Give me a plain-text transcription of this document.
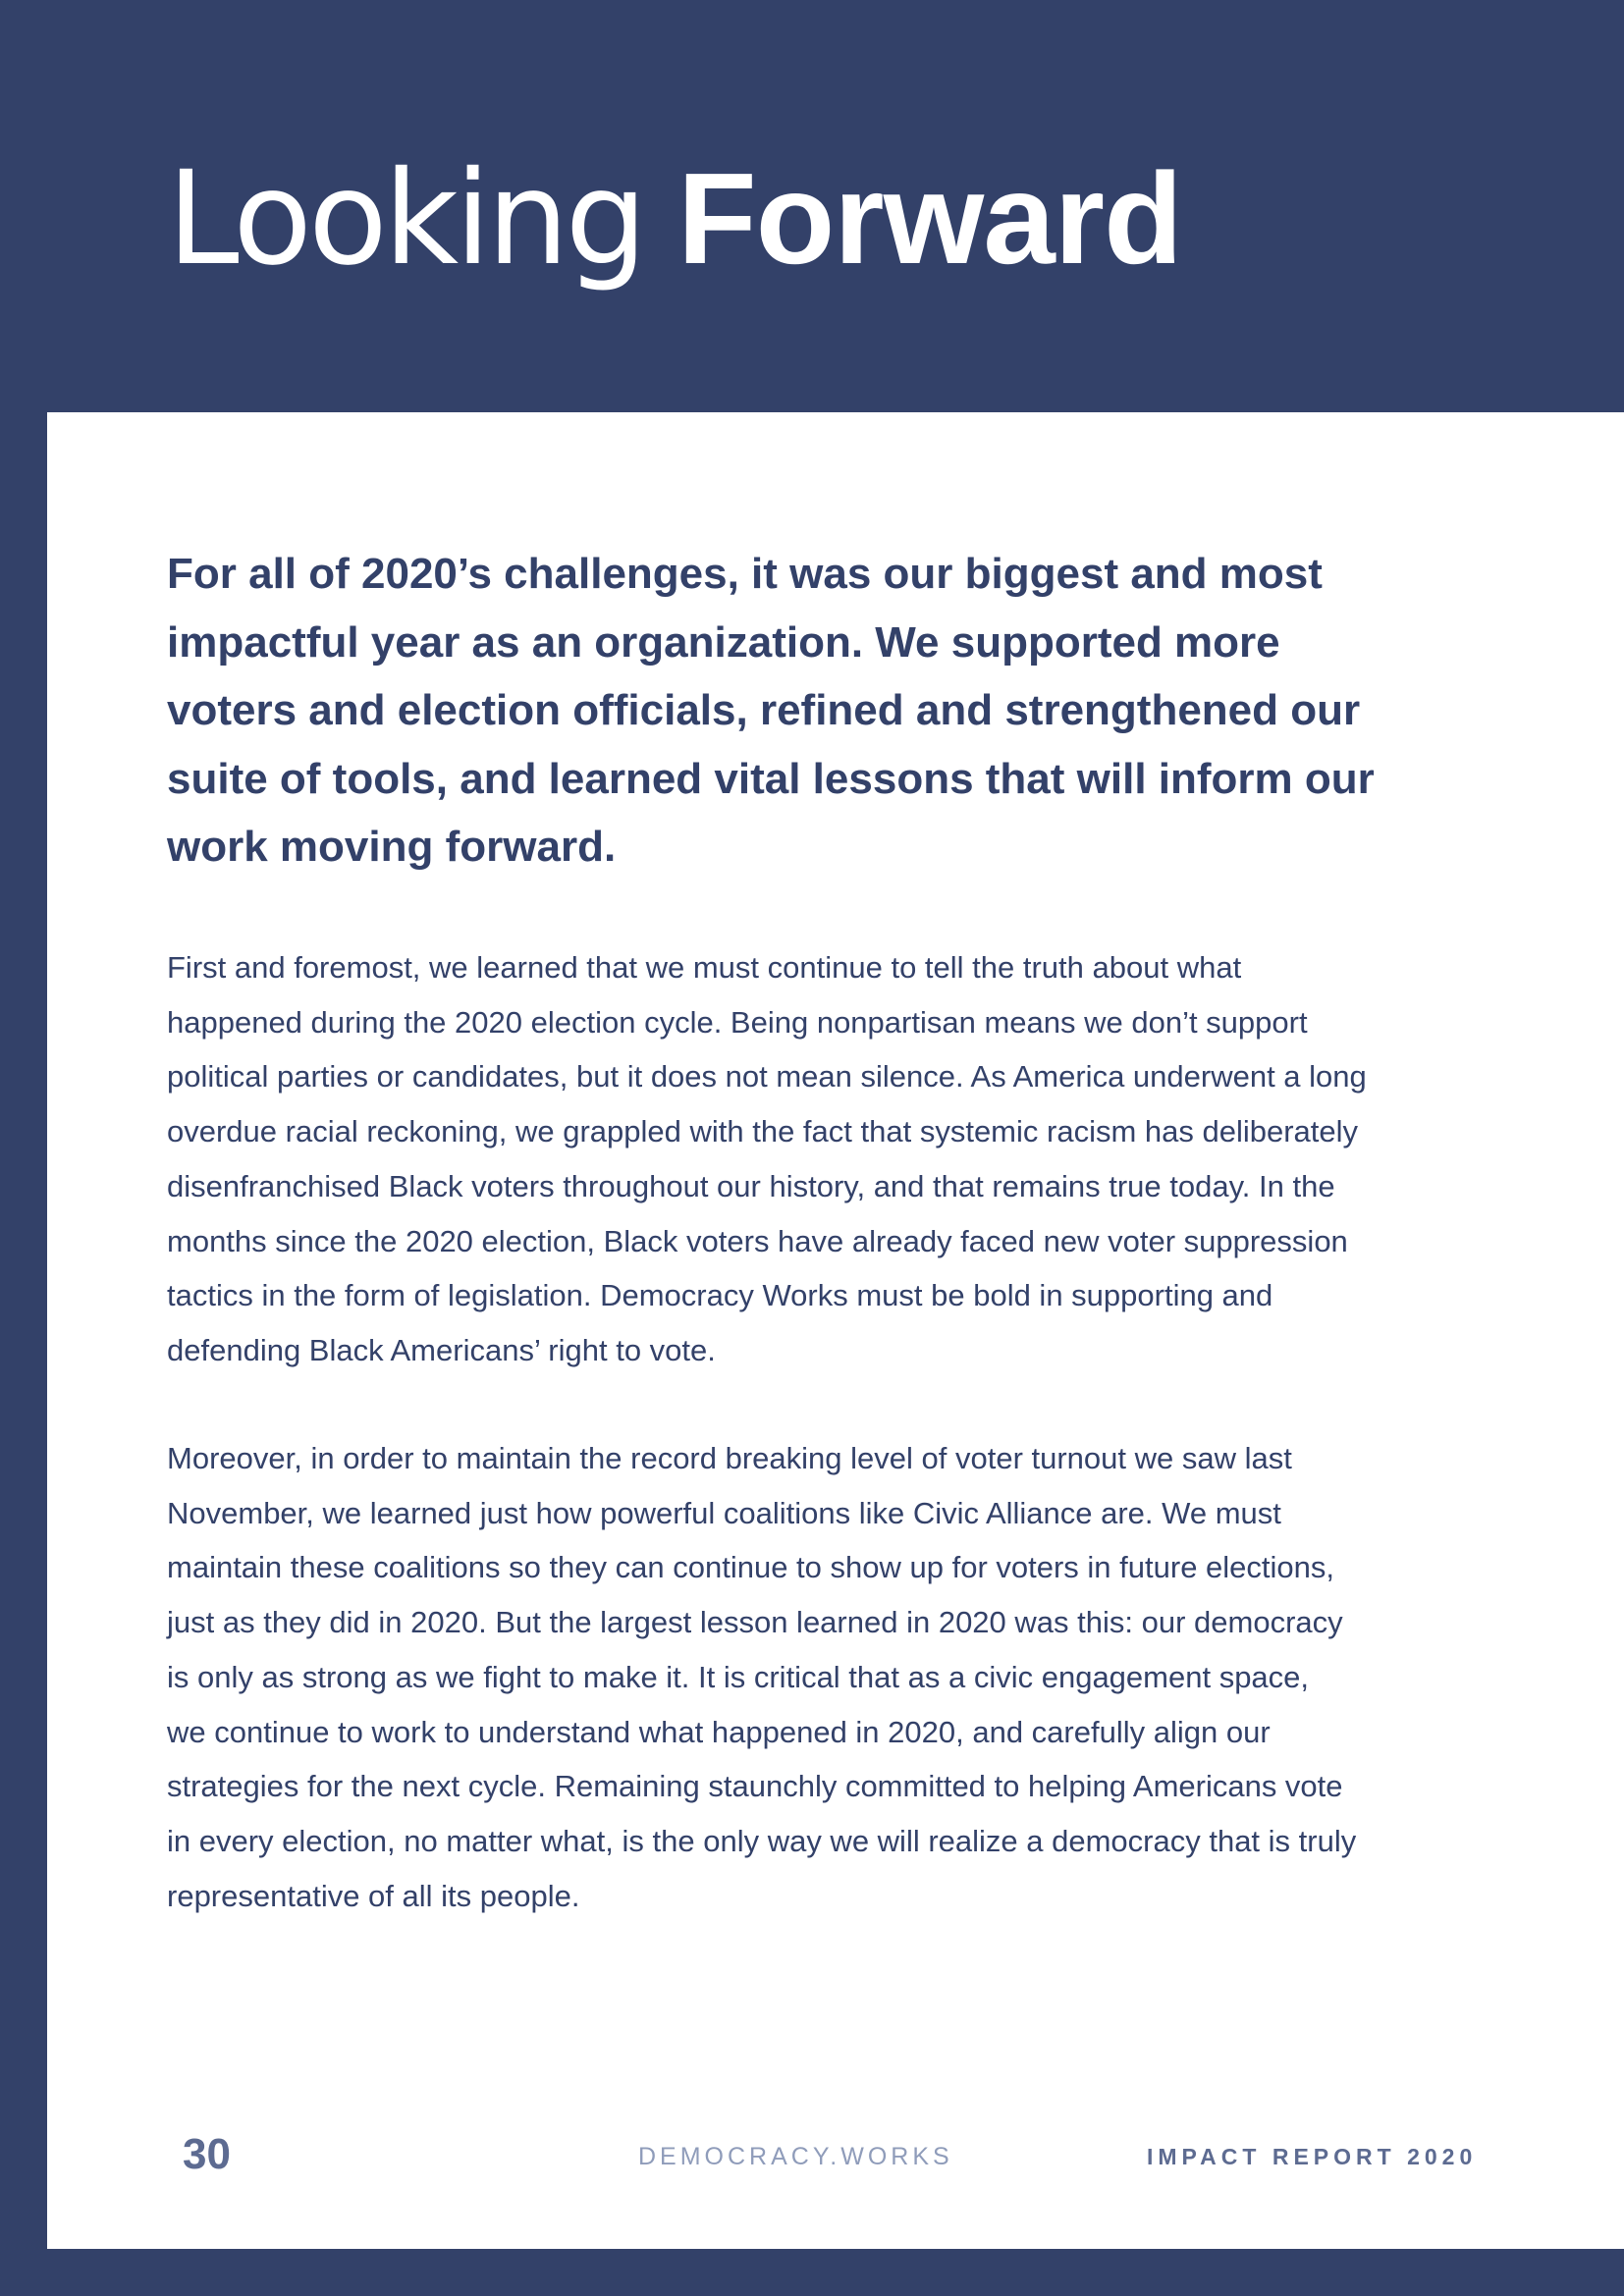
Looking Forward

For all of 2020’s challenges, it was our biggest and most impactful year as an organization. We supported more voters and election officials, refined and strengthened our suite of tools, and learned vital lessons that will inform our work moving forward.

First and foremost, we learned that we must continue to tell the truth about what
happened during the 2020 election cycle. Being nonpartisan means we don’t support
political parties or candidates, but it does not mean silence. As America underwent a long
overdue racial reckoning, we grappled with the fact that systemic racism has deliberately
disenfranchised Black voters throughout our history, and that remains true today. In the
months since the 2020 election, Black voters have already faced new voter suppression
tactics in the form of legislation. Democracy Works must be bold in supporting and
defending Black Americans’ right to vote.
Moreover, in order to maintain the record breaking level of voter turnout we saw last
November, we learned just how powerful coalitions like Civic Alliance are. We must
maintain these coalitions so they can continue to show up for voters in future elections,
just as they did in 2020. But the largest lesson learned in 2020 was this: our democracy
is only as strong as we fight to make it. It is critical that as a civic engagement space,
we continue to work to understand what happened in 2020, and carefully align our
strategies for the next cycle. Remaining staunchly committed to helping Americans vote
in every election, no matter what, is the only way we will realize a democracy that is truly
representative of all its people.
30	DEMOCRACY.WORKS	IMPACT REPORT 2020
